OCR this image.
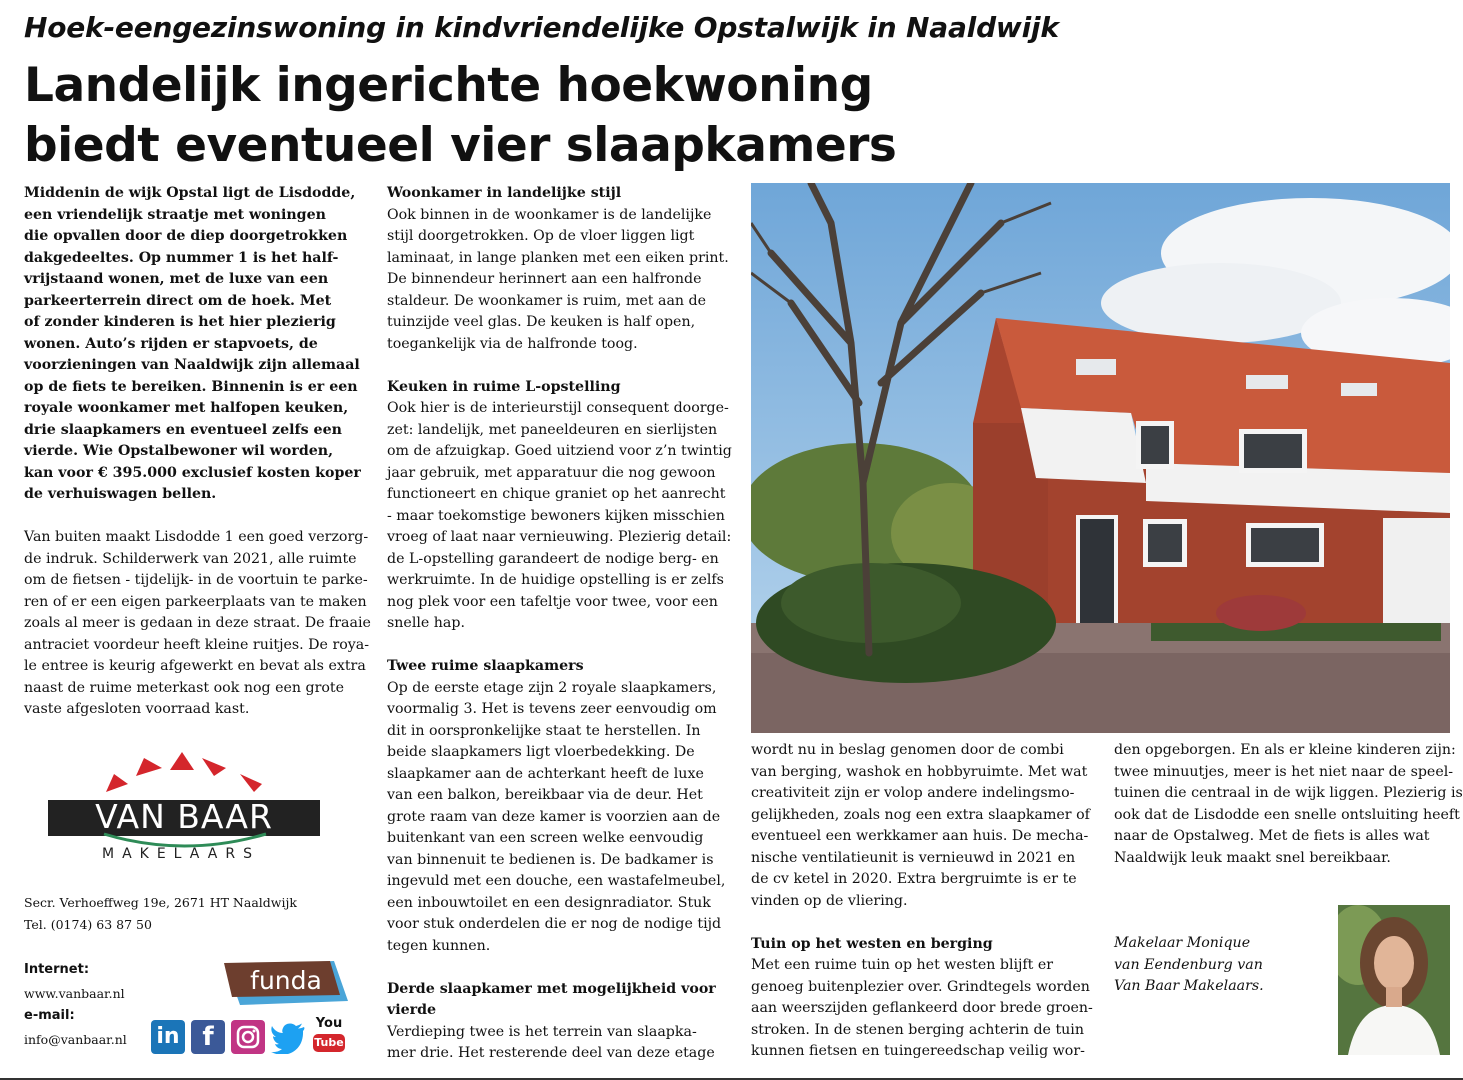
Hoek-eengezinswoning in kindvriendelijke Opstalwijk in Naaldwijk
Landelijk ingerichte hoekwoning
biedt eventueel vier slaapkamers
Middenin de wijk Opstal ligt de Lisdodde,
een vriendelijk straatje met woningen
die opvallen door de diep doorgetrokken
dakgedeeltes. Op nummer 1 is het half-
vrijstaand wonen, met de luxe van een
parkeerterrein direct om de hoek. Met
of zonder kinderen is het hier plezierig
wonen. Auto’s rijden er stapvoets, de
voorzieningen van Naaldwijk zijn allemaal
op de fiets te bereiken. Binnenin is er een
royale woonkamer met halfopen keuken,
drie slaapkamers en eventueel zelfs een
vierde. Wie Opstalbewoner wil worden,
kan voor € 395.000 exclusief kosten koper
de verhuiswagen bellen.
Van buiten maakt Lisdodde 1 een goed verzorg-
de indruk. Schilderwerk van 2021, alle ruimte
om de fietsen - tijdelijk- in de voortuin te parke-
ren of er een eigen parkeerplaats van te maken
zoals al meer is gedaan in deze straat. De fraaie
antraciet voordeur heeft kleine ruitjes. De roya-
le entree is keurig afgewerkt en bevat als extra
naast de ruime meterkast ook nog een grote
vaste afgesloten voorraad kast.
Woonkamer in landelijke stijl
Ook binnen in de woonkamer is de landelijke
stijl doorgetrokken. Op de vloer liggen ligt
laminaat, in lange planken met een eiken print.
De binnendeur herinnert aan een halfronde
staldeur. De woonkamer is ruim, met aan de
tuinzijde veel glas. De keuken is half open,
toegankelijk via de halfronde toog.
Keuken in ruime L-opstelling
Ook hier is de interieurstijl consequent doorge-
zet: landelijk, met paneeldeuren en sierlijsten
om de afzuigkap. Goed uitziend voor z’n twintig
jaar gebruik, met apparatuur die nog gewoon
functioneert en chique graniet op het aanrecht
- maar toekomstige bewoners kijken misschien
vroeg of laat naar vernieuwing. Plezierig detail:
de L-opstelling garandeert de nodige berg- en
werkruimte. In de huidige opstelling is er zelfs
nog plek voor een tafeltje voor twee, voor een
snelle hap.
Twee ruime slaapkamers
Op de eerste etage zijn 2 royale slaapkamers,
voormalig 3. Het is tevens zeer eenvoudig om
dit in oorspronkelijke staat te herstellen. In
beide slaapkamers ligt vloerbedekking. De
slaapkamer aan de achterkant heeft de luxe
van een balkon, bereikbaar via de deur. Het
grote raam van deze kamer is voorzien aan de
buitenkant van een screen welke eenvoudig
van binnenuit te bedienen is. De badkamer is
ingevuld met een douche, een wastafelmeubel,
een inbouwtoilet en een designradiator. Stuk
voor stuk onderdelen die er nog de nodige tijd
tegen kunnen.
Derde slaapkamer met mogelijkheid voor
vierde
Verdieping twee is het terrein van slaapka-
mer drie. Het resterende deel van deze etage
wordt nu in beslag genomen door de combi
van berging, washok en hobbyruimte. Met wat
creativiteit zijn er volop andere indelingsmo-
gelijkheden, zoals nog een extra slaapkamer of
eventueel een werkkamer aan huis. De mecha-
nische ventilatieunit is vernieuwd in 2021 en
de cv ketel in 2020. Extra bergruimte is er te
vinden op de vliering.
Tuin op het westen en berging
Met een ruime tuin op het westen blijft er
genoeg buitenplezier over. Grindtegels worden
aan weerszijden geflankeerd door brede groen-
stroken. In de stenen berging achterin de tuin
kunnen fietsen en tuingereedschap veilig wor-
den opgeborgen. En als er kleine kinderen zijn:
twee minuutjes, meer is het niet naar de speel-
tuinen die centraal in de wijk liggen. Plezierig is
ook dat de Lisdodde een snelle ontsluiting heeft
naar de Opstalweg. Met de fiets is alles wat
Naaldwijk leuk maakt snel bereikbaar.
Makelaar Monique
van Eendenburg van
Van Baar Makelaars.
VAN BAAR
MAKELAARS
Secr. Verhoeffweg 19e, 2671 HT Naaldwijk
Tel. (0174) 63 87 50
Internet:
www.vanbaar.nl
e-mail:
info@vanbaar.nl
funda
in f	You
Tube
